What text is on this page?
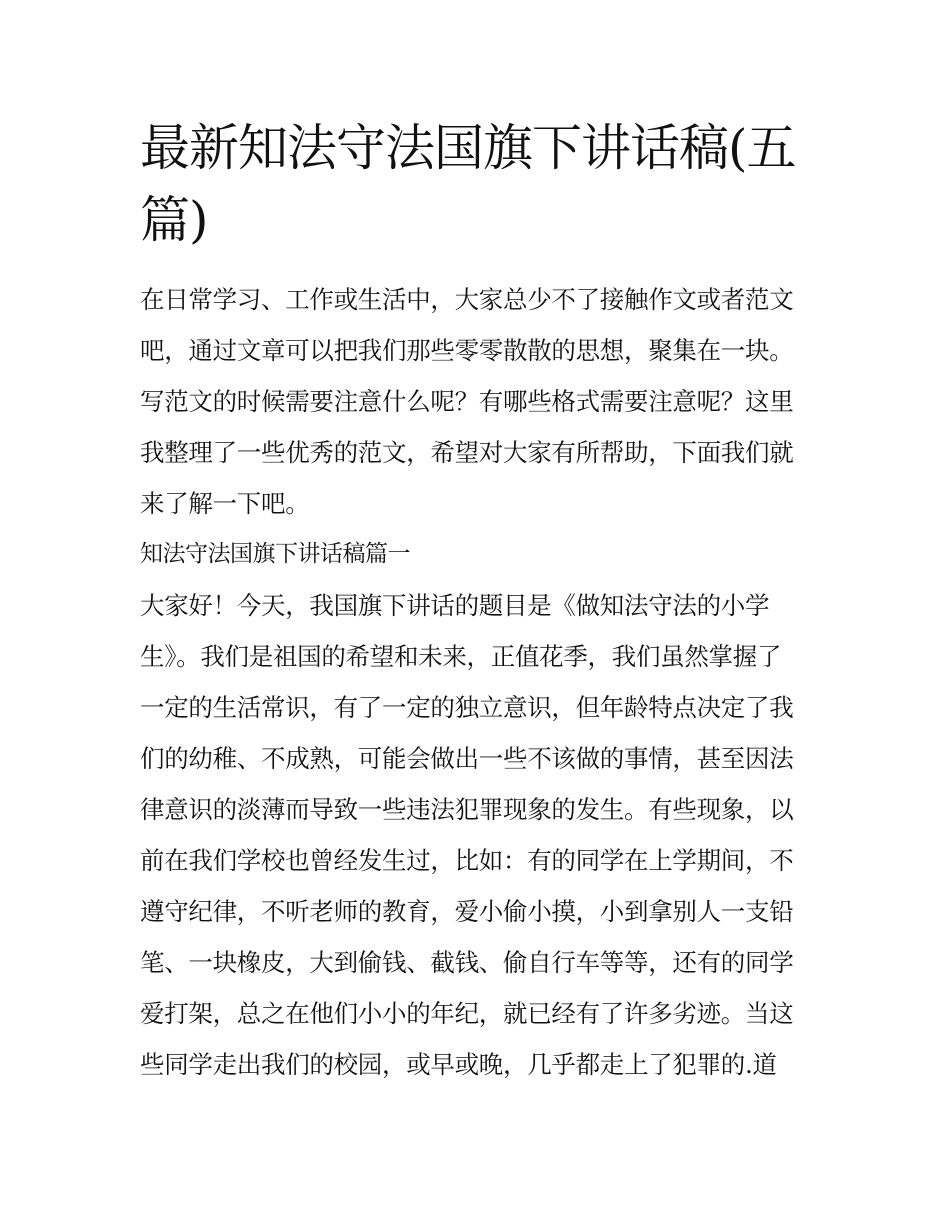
最新知法守法国旗下讲话稿(五
篇)
在日常学习、工作或生活中，大家总少不了接触作文或者范文
吧，通过文章可以把我们那些零零散散的思想，聚集在一块。
写范文的时候需要注意什么呢？有哪些格式需要注意呢？这里
我整理了一些优秀的范文，希望对大家有所帮助，下面我们就
来了解一下吧。
知法守法国旗下讲话稿篇一
大家好！今天，我国旗下讲话的题目是《做知法守法的小学
生》。我们是祖国的希望和未来，正值花季，我们虽然掌握了
一定的生活常识，有了一定的独立意识，但年龄特点决定了我
们的幼稚、不成熟，可能会做出一些不该做的事情，甚至因法
律意识的淡薄而导致一些违法犯罪现象的发生。有些现象，以
前在我们学校也曾经发生过，比如：有的同学在上学期间，不
遵守纪律，不听老师的教育，爱小偷小摸，小到拿别人一支铅
笔、一块橡皮，大到偷钱、截钱、偷自行车等等，还有的同学
爱打架，总之在他们小小的年纪，就已经有了许多劣迹。当这
些同学走出我们的校园，或早或晚，几乎都走上了犯罪的.道
